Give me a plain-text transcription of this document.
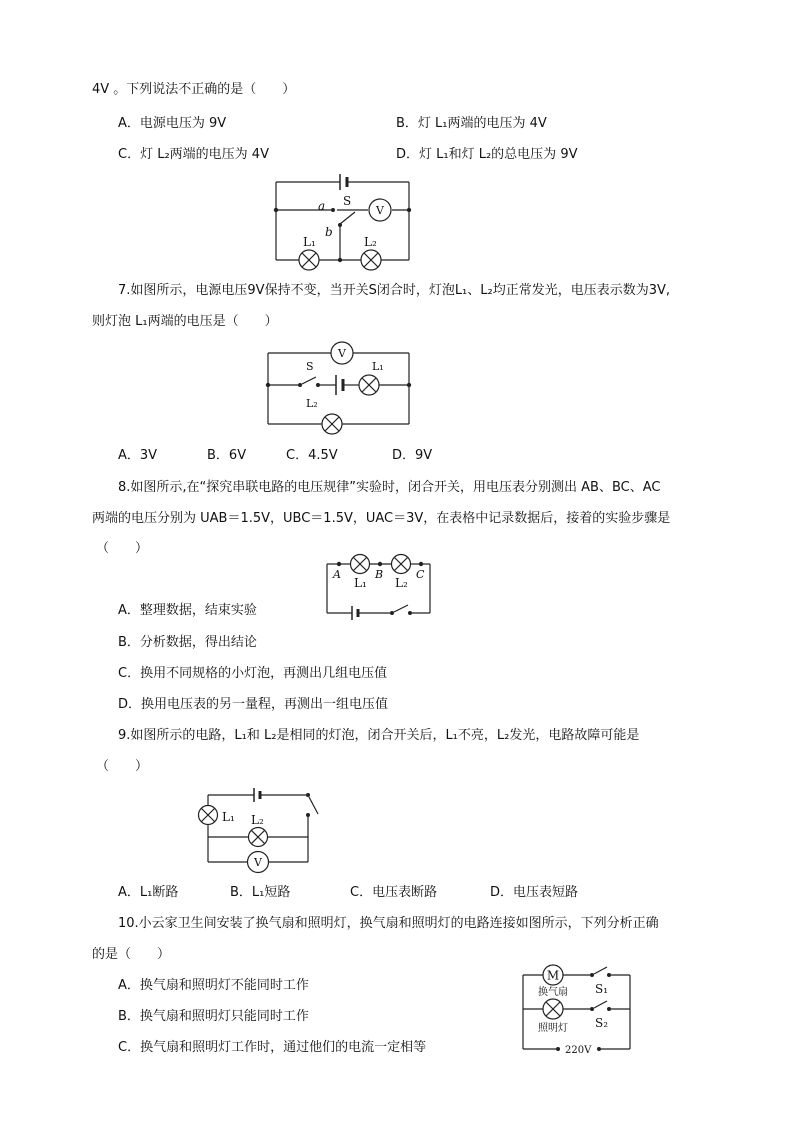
4V 。下列说法不正确的是（　　）
A．电源电压为 9V	B．灯 L₁两端的电压为 4V
C．灯 L₂两端的电压为 4V	D．灯 L₁和灯 L₂的总电压为 9V
V
a S
b
L₁	L₂
7.如图所示，电源电压9V保持不变，当开关S闭合时，灯泡L₁、L₂均正常发光，电压表示数为3V,
则灯泡 L₁两端的电压是（　　）
V
S	L₁
L₂
A．3V	B．6V	C．4.5V	D．9V
8.如图所示,在“探究串联电路的电压规律”实验时，闭合开关，用电压表分别测出 AB、BC、AC
两端的电压分别为 UAB＝1.5V，UBC＝1.5V，UAC＝3V，在表格中记录数据后，接着的实验步骤是
（　　）
A	B	C
L₁ L₂
A．整理数据，结束实验
B．分析数据，得出结论
C．换用不同规格的小灯泡，再测出几组电压值
D．换用电压表的另一量程，再测出一组电压值
9.如图所示的电路，L₁和 L₂是相同的灯泡，闭合开关后，L₁不亮，L₂发光，电路故障可能是
（　　）
V
L₁ L₂
A．L₁断路	B．L₁短路	C．电压表断路	D．电压表短路
10.小云家卫生间安装了换气扇和照明灯，换气扇和照明灯的电路连接如图所示，下列分析正确
的是（　　）
A．换气扇和照明灯不能同时工作
B．换气扇和照明灯只能同时工作
C．换气扇和照明灯工作时，通过他们的电流一定相等
M
换气扇
照明灯
S₁
S₂
220V
